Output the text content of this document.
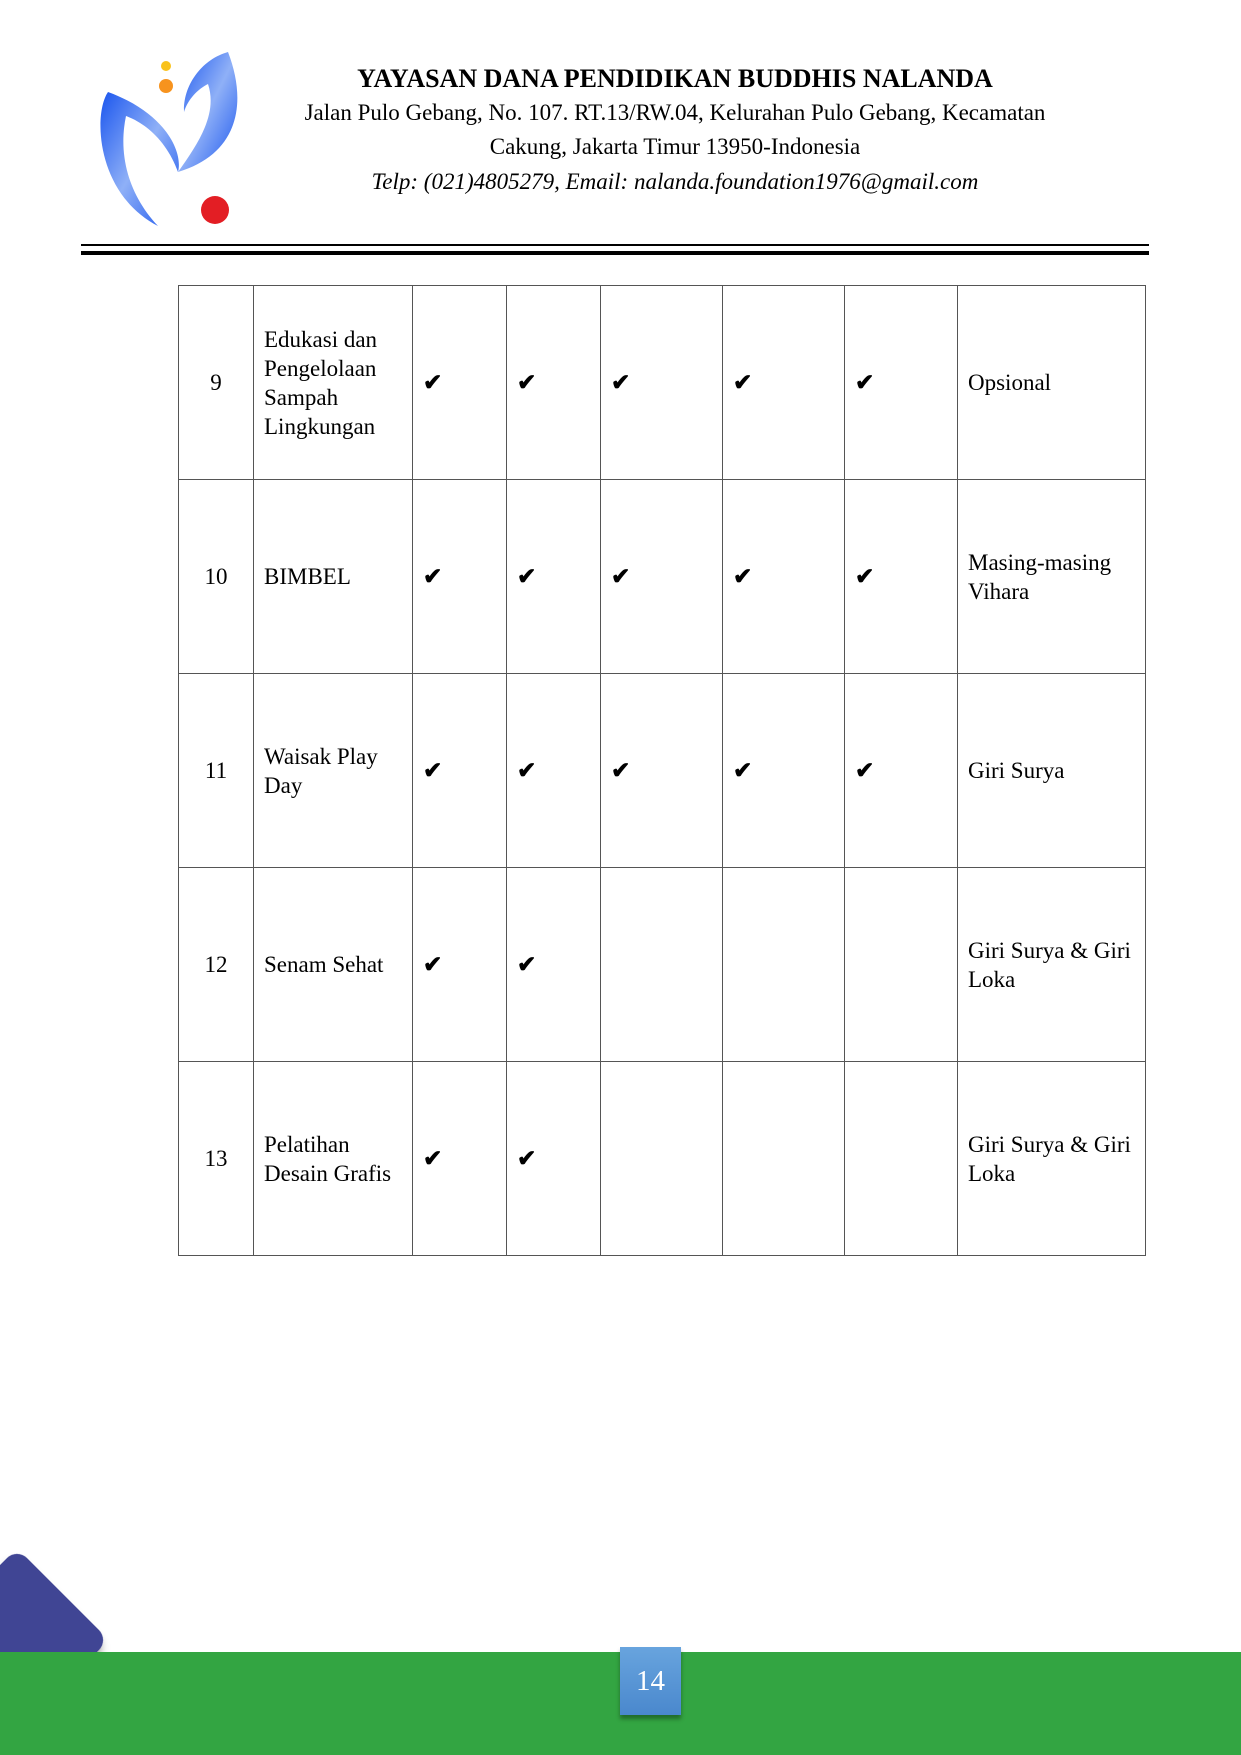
YAYASAN DANA PENDIDIKAN BUDDHIS NALANDA
Jalan Pulo Gebang, No. 107. RT.13/RW.04, Kelurahan Pulo Gebang, Kecamatan
Cakung, Jakarta Timur 13950-Indonesia
Telp: (021)4805279, Email: nalanda.foundation1976@gmail.com
9	Edukasi dan Pengelolaan Sampah Lingkungan	✔	✔	✔	✔	✔	Opsional
10	BIMBEL	✔	✔	✔	✔	✔	Masing-masing Vihara
11	Waisak Play Day	✔	✔	✔	✔	✔	Giri Surya
12	Senam Sehat	✔	✔				Giri Surya & Giri Loka
13	Pelatihan Desain Grafis	✔	✔				Giri Surya & Giri Loka
14
